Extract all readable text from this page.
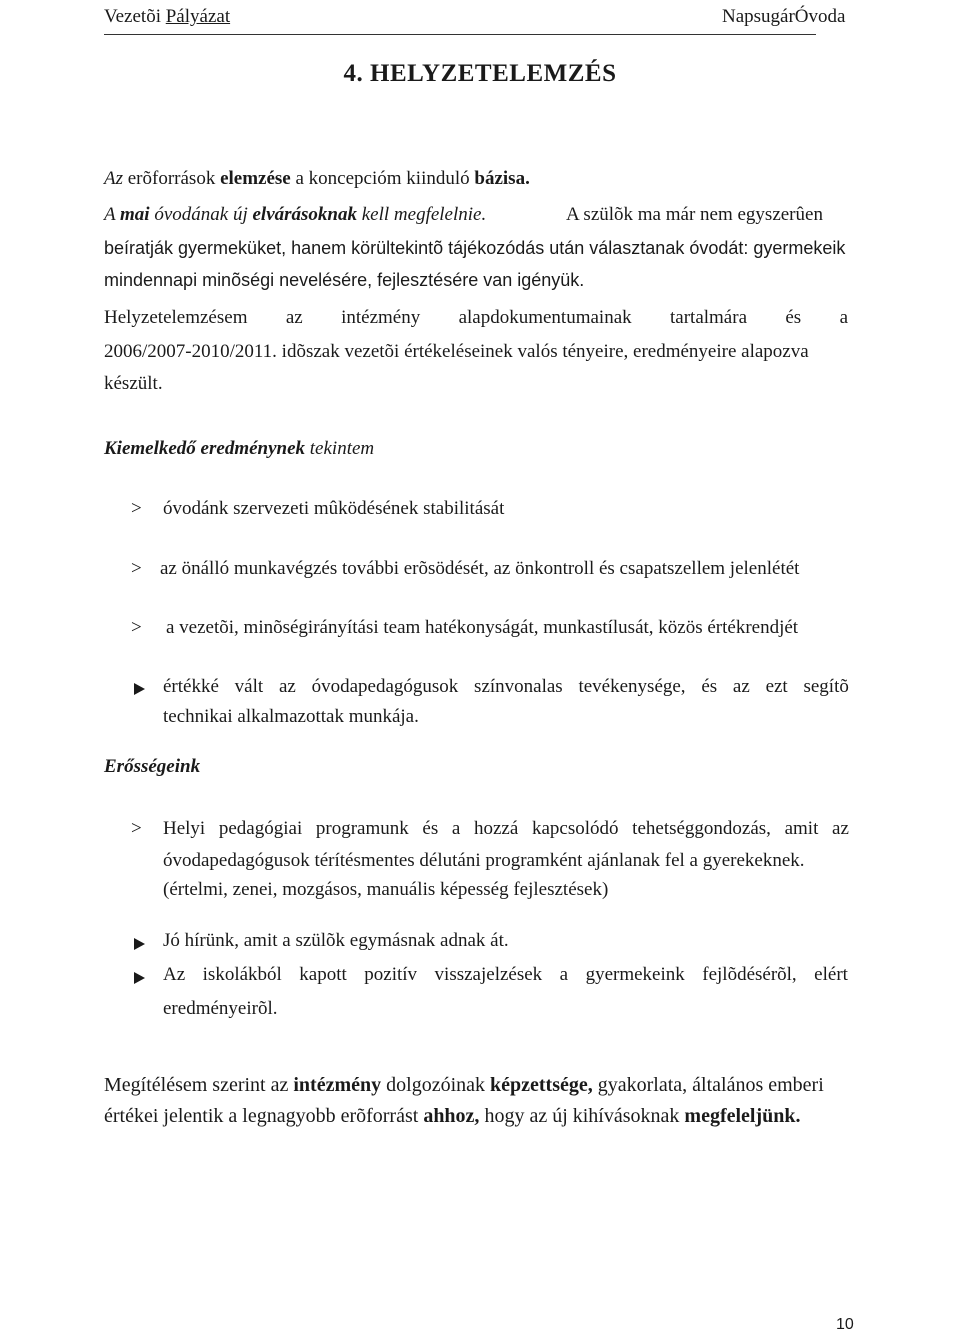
Vezetõi Pályázat	NapsugárÓvoda
4. HELYZETELEMZÉS
Az erõforrások elemzése a koncepcióm kiinduló bázisa.
A mai óvodának új elvárásoknak kell megfelelnie.	A szülõk ma már nem egyszerûen
beíratják gyermeküket, hanem körültekintõ tájékozódás után választanak óvodát: gyermekeik
mindennapi minõségi nevelésére, fejlesztésére van igényük.
Helyzetelemzésem az intézmény alapdokumentumainak tartalmára és a
2006/2007-2010/2011. idõszak vezetõi értékeléseinek valós tényeire, eredményeire alapozva
készült.
Kiemelkedő eredménynek tekintem
> óvodánk szervezeti mûködésének stabilitását
> az önálló munkavégzés további erõsödését, az önkontroll és csapatszellem jelenlétét
> a vezetõi, minõségirányítási team hatékonyságát, munkastílusát, közös értékrendjét
értékké vált az óvodapedagógusok színvonalas tevékenysége, és az ezt segítõ
technikai alkalmazottak munkája.
Erősségeink
> Helyi pedagógiai programunk és a hozzá kapcsolódó tehetséggondozás, amit az
óvodapedagógusok térítésmentes délutáni programként ajánlanak fel a gyerekeknek.
(értelmi, zenei, mozgásos, manuális képesség fejlesztések)
Jó hírünk, amit a szülõk egymásnak adnak át.
Az iskolákból kapott pozitív visszajelzések a gyermekeink fejlõdésérõl, elért
eredményeirõl.
Megítélésem szerint az intézmény dolgozóinak képzettsége, gyakorlata, általános emberi
értékei jelentik a legnagyobb erõforrást ahhoz, hogy az új kihívásoknak megfeleljünk.
10
